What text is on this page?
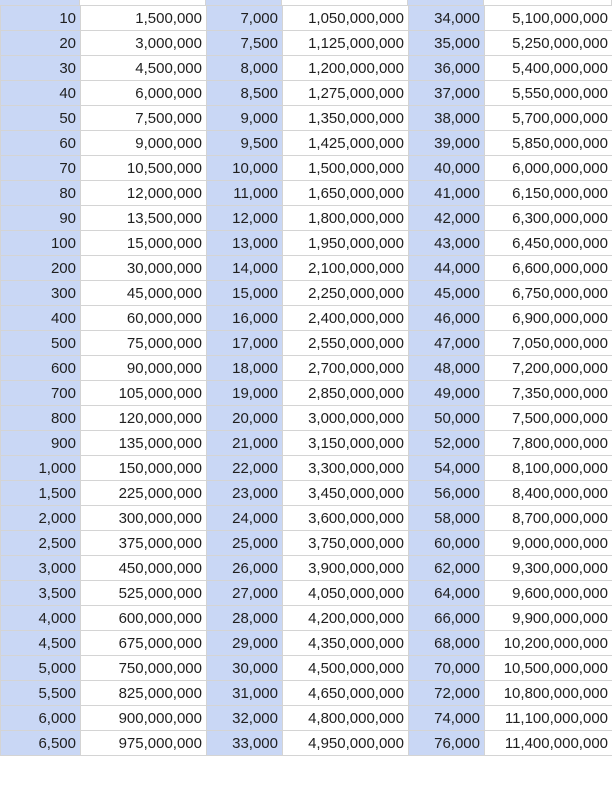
10	1,500,000	7,000	1,050,000,000	34,000	5,100,000,000
20	3,000,000	7,500	1,125,000,000	35,000	5,250,000,000
30	4,500,000	8,000	1,200,000,000	36,000	5,400,000,000
40	6,000,000	8,500	1,275,000,000	37,000	5,550,000,000
50	7,500,000	9,000	1,350,000,000	38,000	5,700,000,000
60	9,000,000	9,500	1,425,000,000	39,000	5,850,000,000
70	10,500,000	10,000	1,500,000,000	40,000	6,000,000,000
80	12,000,000	11,000	1,650,000,000	41,000	6,150,000,000
90	13,500,000	12,000	1,800,000,000	42,000	6,300,000,000
100	15,000,000	13,000	1,950,000,000	43,000	6,450,000,000
200	30,000,000	14,000	2,100,000,000	44,000	6,600,000,000
300	45,000,000	15,000	2,250,000,000	45,000	6,750,000,000
400	60,000,000	16,000	2,400,000,000	46,000	6,900,000,000
500	75,000,000	17,000	2,550,000,000	47,000	7,050,000,000
600	90,000,000	18,000	2,700,000,000	48,000	7,200,000,000
700	105,000,000	19,000	2,850,000,000	49,000	7,350,000,000
800	120,000,000	20,000	3,000,000,000	50,000	7,500,000,000
900	135,000,000	21,000	3,150,000,000	52,000	7,800,000,000
1,000	150,000,000	22,000	3,300,000,000	54,000	8,100,000,000
1,500	225,000,000	23,000	3,450,000,000	56,000	8,400,000,000
2,000	300,000,000	24,000	3,600,000,000	58,000	8,700,000,000
2,500	375,000,000	25,000	3,750,000,000	60,000	9,000,000,000
3,000	450,000,000	26,000	3,900,000,000	62,000	9,300,000,000
3,500	525,000,000	27,000	4,050,000,000	64,000	9,600,000,000
4,000	600,000,000	28,000	4,200,000,000	66,000	9,900,000,000
4,500	675,000,000	29,000	4,350,000,000	68,000	10,200,000,000
5,000	750,000,000	30,000	4,500,000,000	70,000	10,500,000,000
5,500	825,000,000	31,000	4,650,000,000	72,000	10,800,000,000
6,000	900,000,000	32,000	4,800,000,000	74,000	11,100,000,000
6,500	975,000,000	33,000	4,950,000,000	76,000	11,400,000,000
